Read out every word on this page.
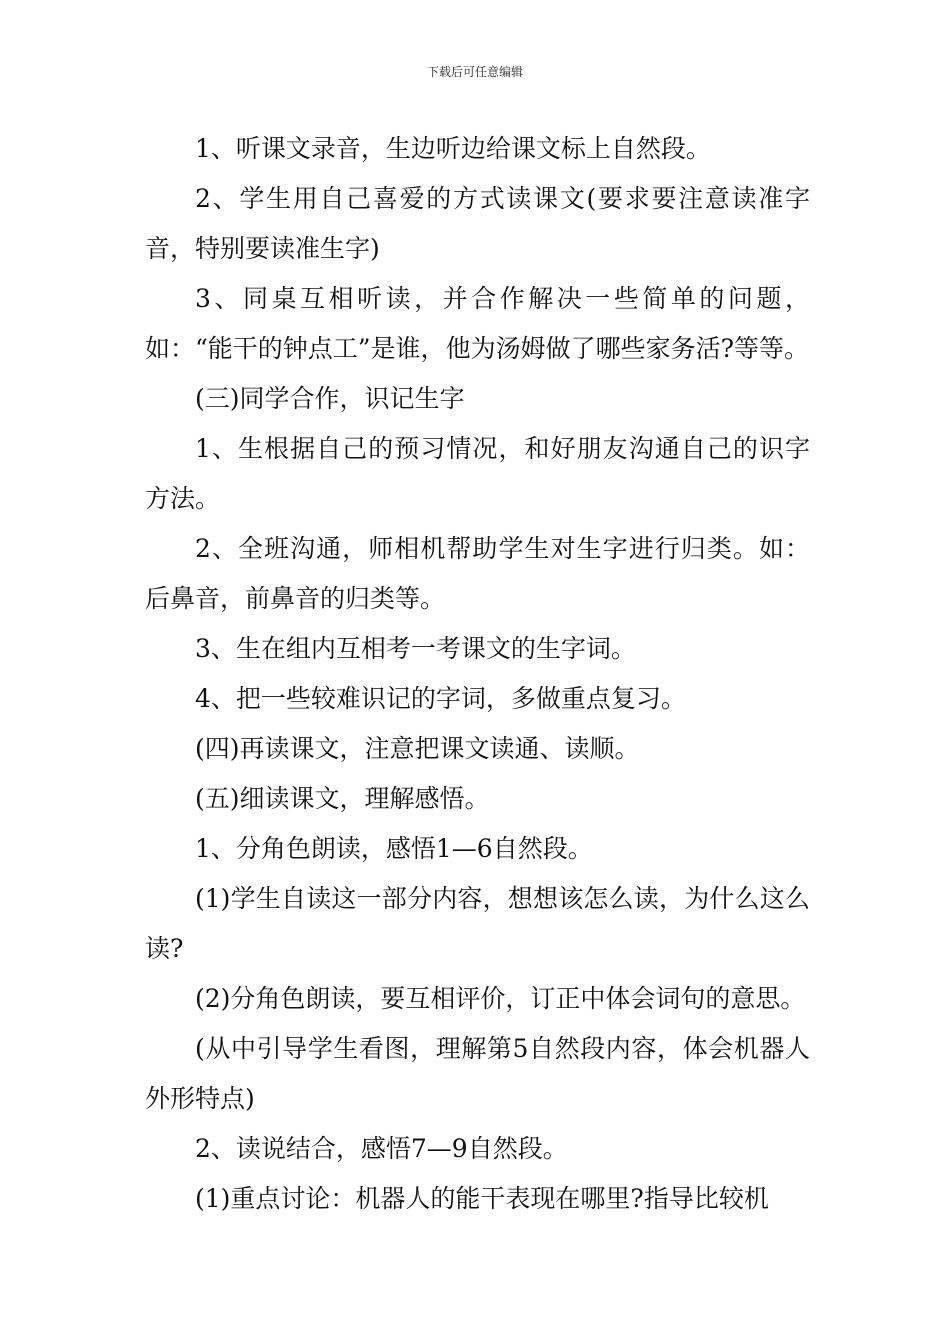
下载后可任意编辑

1、听课文录音，生边听边给课文标上自然段。

2、学生用自己喜爱的方式读课文(要求要注意读准字音，特别要读准生字)

3、同桌互相听读，并合作解决一些简单的问题，如：“能干的钟点工”是谁，他为汤姆做了哪些家务活?等等。

(三)同学合作，识记生字

1、生根据自己的预习情况，和好朋友沟通自己的识字方法。

2、全班沟通，师相机帮助学生对生字进行归类。如：后鼻音，前鼻音的归类等。

3、生在组内互相考一考课文的生字词。

4、把一些较难识记的字词，多做重点复习。

(四)再读课文，注意把课文读通、读顺。

(五)细读课文，理解感悟。

1、分角色朗读，感悟1—6自然段。

(1)学生自读这一部分内容，想想该怎么读，为什么这么读?

(2)分角色朗读，要互相评价，订正中体会词句的意思。

(从中引导学生看图，理解第5自然段内容，体会机器人外形特点)

2、读说结合，感悟7—9自然段。

(1)重点讨论：机器人的能干表现在哪里?指导比较机
